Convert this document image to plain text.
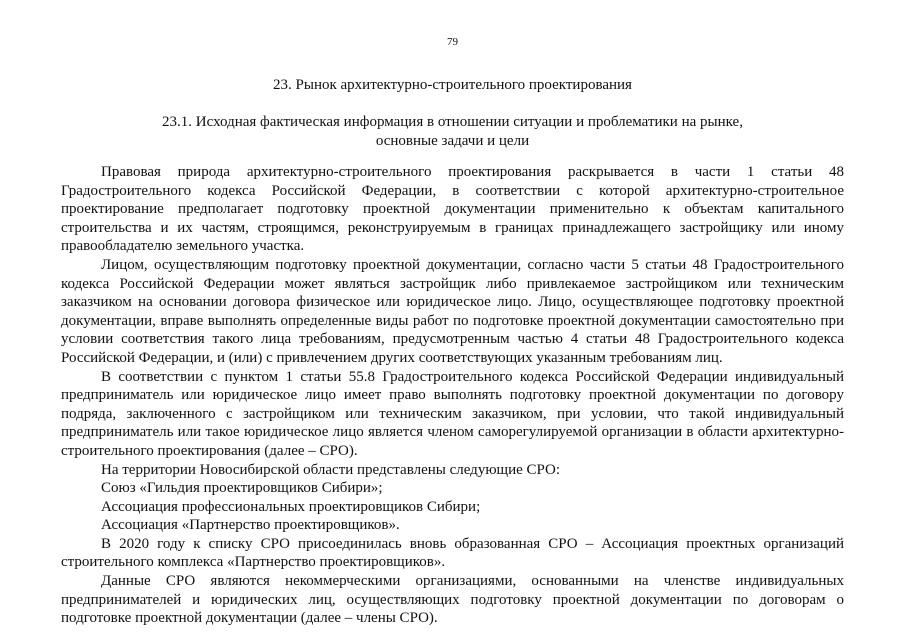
79
23. Рынок архитектурно-строительного проектирования
23.1. Исходная фактическая информация в отношении ситуации и проблематики на рынке,
основные задачи и цели

Правовая природа архитектурно-строительного проектирования раскрывается в части 1 статьи 48 Градостроительного кодекса Российской Федерации, в соответствии с которой архитектурно-строительное проектирование предполагает подготовку проектной документации применительно к объектам капитального строительства и их частям, строящимся, реконструируемым в границах принадлежащего застройщику или иному правообладателю земельного участка.

Лицом, осуществляющим подготовку проектной документации, согласно части 5 статьи 48 Градостроительного кодекса Российской Федерации может являться застройщик либо привлекаемое застройщиком или техническим заказчиком на основании договора физическое или юридическое лицо. Лицо, осуществляющее подготовку проектной документации, вправе выполнять определенные виды работ по подготовке проектной документации самостоятельно при условии соответствия такого лица требованиям, предусмотренным частью 4 статьи 48 Градостроительного кодекса Российской Федерации, и (или) с привлечением других соответствующих указанным требованиям лиц.

В соответствии с пунктом 1 статьи 55.8 Градостроительного кодекса Российской Федерации индивидуальный предприниматель или юридическое лицо имеет право выполнять подготовку проектной документации по договору подряда, заключенного с застройщиком или техническим заказчиком, при условии, что такой индивидуальный предприниматель или такое юридическое лицо является членом саморегулируемой организации в области архитектурно-строительного проектирования (далее – СРО).

На территории Новосибирской области представлены следующие СРО:

Союз «Гильдия проектировщиков Сибири»;

Ассоциация профессиональных проектировщиков Сибири;

Ассоциация «Партнерство проектировщиков».

В 2020 году к списку СРО присоединилась вновь образованная СРО – Ассоциация проектных организаций строительного комплекса «Партнерство проектировщиков».

Данные СРО являются некоммерческими организациями, основанными на членстве индивидуальных предпринимателей и юридических лиц, осуществляющих подготовку проектной документации по договорам о подготовке проектной документации (далее – члены СРО).
